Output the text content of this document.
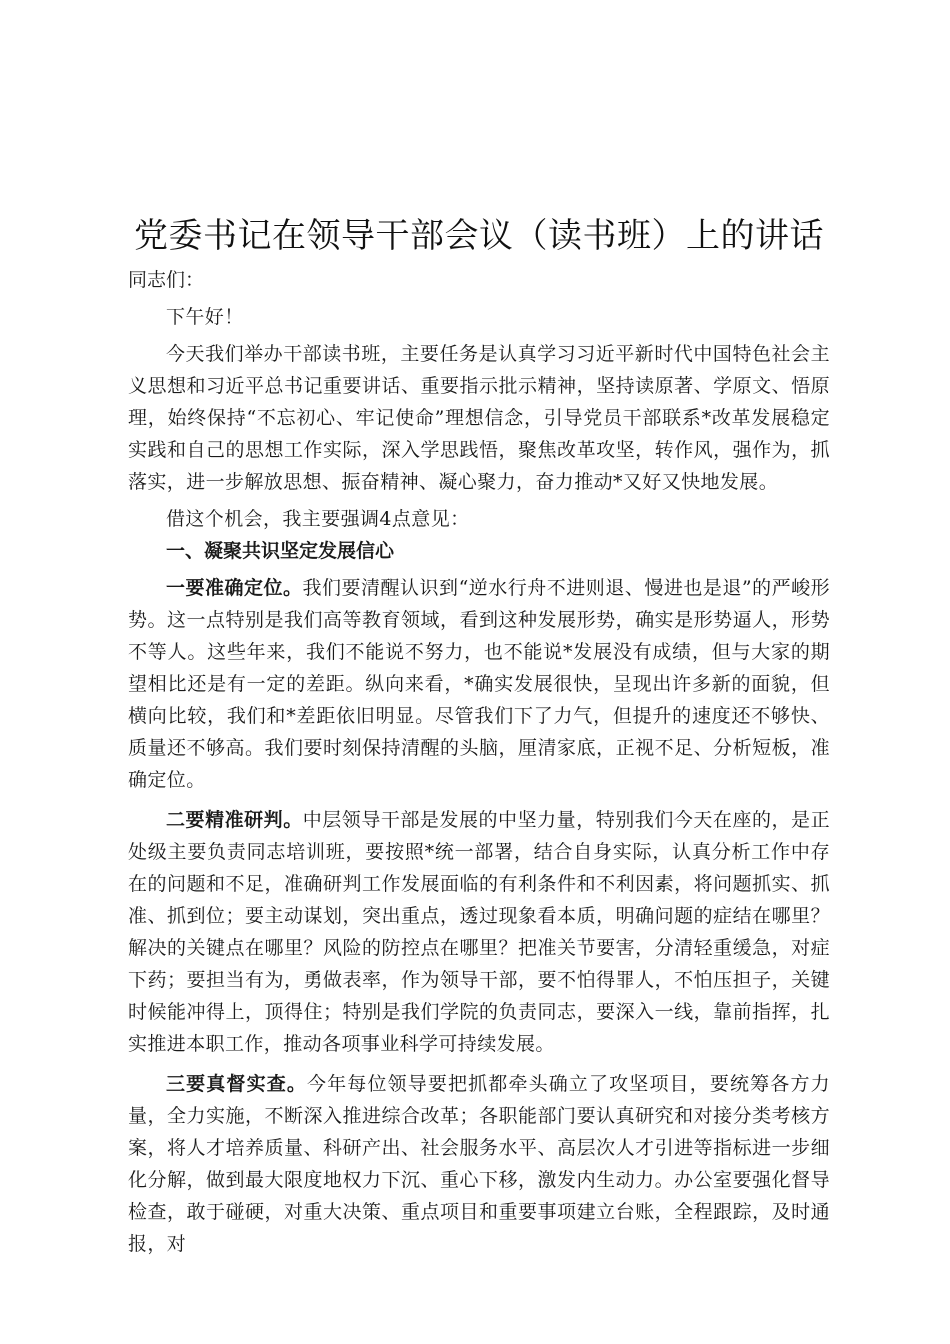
党委书记在领导干部会议（读书班）上的讲话

同志们：

下午好！

今天我们举办干部读书班，主要任务是认真学习习近平新时代中国特色社会主义思想和习近平总书记重要讲话、重要指示批示精神，坚持读原著、学原文、悟原理，始终保持“不忘初心、牢记使命”理想信念，引导党员干部联系*改革发展稳定实践和自己的思想工作实际，深入学思践悟，聚焦改革攻坚，转作风，强作为，抓落实，进一步解放思想、振奋精神、凝心聚力，奋力推动*又好又快地发展。

借这个机会，我主要强调4点意见：

一、凝聚共识坚定发展信心

一要准确定位。我们要清醒认识到“逆水行舟不进则退、慢进也是退”的严峻形势。这一点特别是我们高等教育领域，看到这种发展形势，确实是形势逼人，形势不等人。这些年来，我们不能说不努力，也不能说*发展没有成绩，但与大家的期望相比还是有一定的差距。纵向来看，*确实发展很快，呈现出许多新的面貌，但横向比较，我们和*差距依旧明显。尽管我们下了力气，但提升的速度还不够快、质量还不够高。我们要时刻保持清醒的头脑，厘清家底，正视不足、分析短板，准确定位。

二要精准研判。中层领导干部是发展的中坚力量，特别我们今天在座的，是正处级主要负责同志培训班，要按照*统一部署，结合自身实际，认真分析工作中存在的问题和不足，准确研判工作发展面临的有利条件和不利因素，将问题抓实、抓准、抓到位；要主动谋划，突出重点，透过现象看本质，明确问题的症结在哪里？解决的关键点在哪里？风险的防控点在哪里？把准关节要害，分清轻重缓急，对症下药；要担当有为，勇做表率，作为领导干部，要不怕得罪人，不怕压担子，关键时候能冲得上，顶得住；特别是我们学院的负责同志，要深入一线，靠前指挥，扎实推进本职工作，推动各项事业科学可持续发展。

三要真督实查。今年每位领导要把抓都牵头确立了攻坚项目，要统筹各方力量，全力实施，不断深入推进综合改革；各职能部门要认真研究和对接分类考核方案，将人才培养质量、科研产出、社会服务水平、高层次人才引进等指标进一步细化分解，做到最大限度地权力下沉、重心下移，激发内生动力。办公室要强化督导检查，敢于碰硬，对重大决策、重点项目和重要事项建立台账，全程跟踪，及时通报，对
